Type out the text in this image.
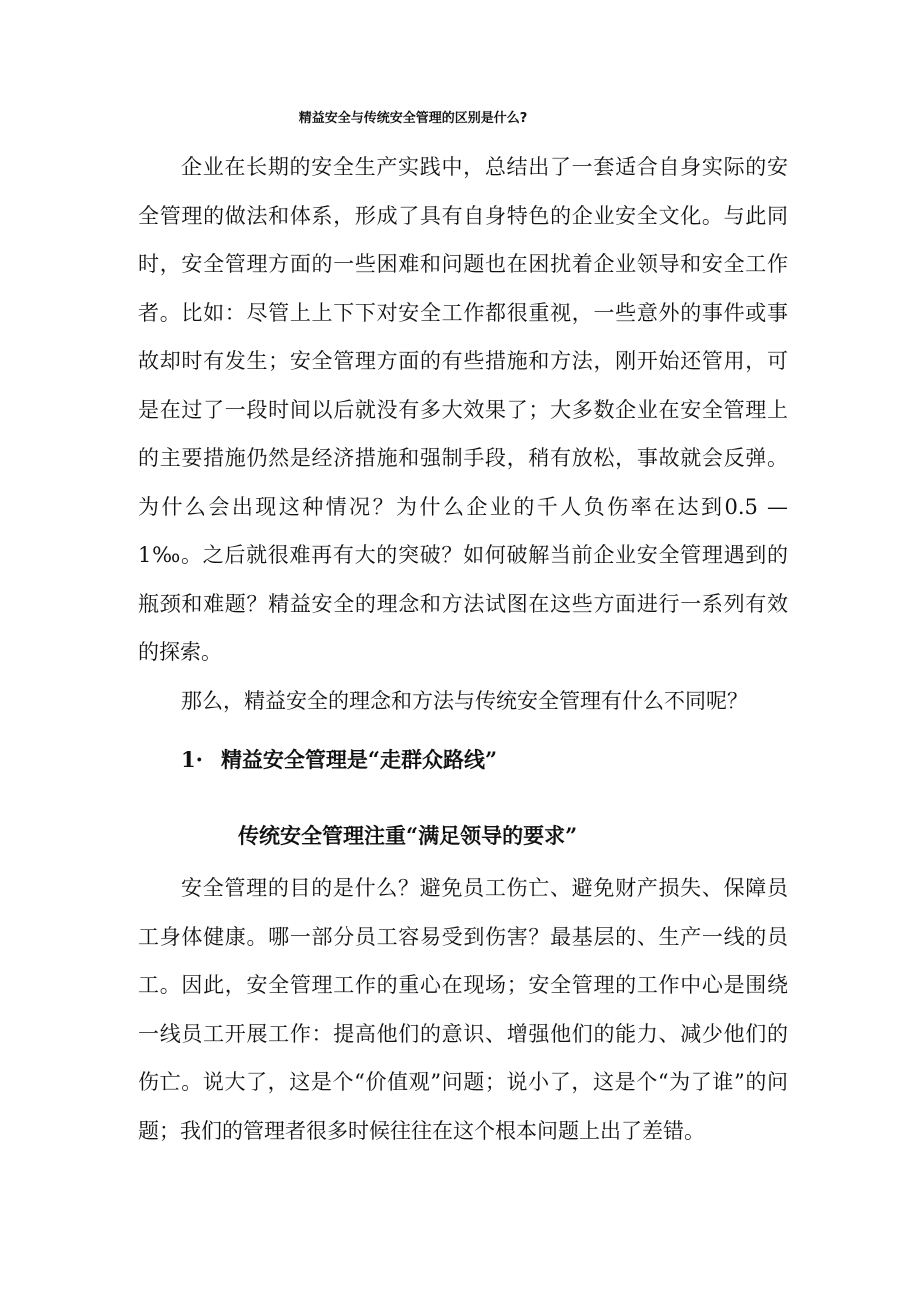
精益安全与传统安全管理的区别是什么?

企业在长期的安全生产实践中，总结出了一套适合自身实际的安全管理的做法和体系，形成了具有自身特色的企业安全文化。与此同时，安全管理方面的一些困难和问题也在困扰着企业领导和安全工作者。比如：尽管上上下下对安全工作都很重视，一些意外的事件或事故却时有发生；安全管理方面的有些措施和方法，刚开始还管用，可是在过了一段时间以后就没有多大效果了；大多数企业在安全管理上的主要措施仍然是经济措施和强制手段，稍有放松，事故就会反弹。为什么会出现这种情况？为什么企业的千人负伤率在达到0.5 — 1‰。之后就很难再有大的突破？如何破解当前企业安全管理遇到的瓶颈和难题？精益安全的理念和方法试图在这些方面进行一系列有效的探索。

那么，精益安全的理念和方法与传统安全管理有什么不同呢？

1· 精益安全管理是“走群众路线”
传统安全管理注重“满足领导的要求”

安全管理的目的是什么？避免员工伤亡、避免财产损失、保障员工身体健康。哪一部分员工容易受到伤害？最基层的、生产一线的员工。因此，安全管理工作的重心在现场；安全管理的工作中心是围绕一线员工开展工作：提高他们的意识、增强他们的能力、减少他们的伤亡。说大了，这是个“价值观”问题；说小了，这是个“为了谁”的问题；我们的管理者很多时候往往在这个根本问题上出了差错。
